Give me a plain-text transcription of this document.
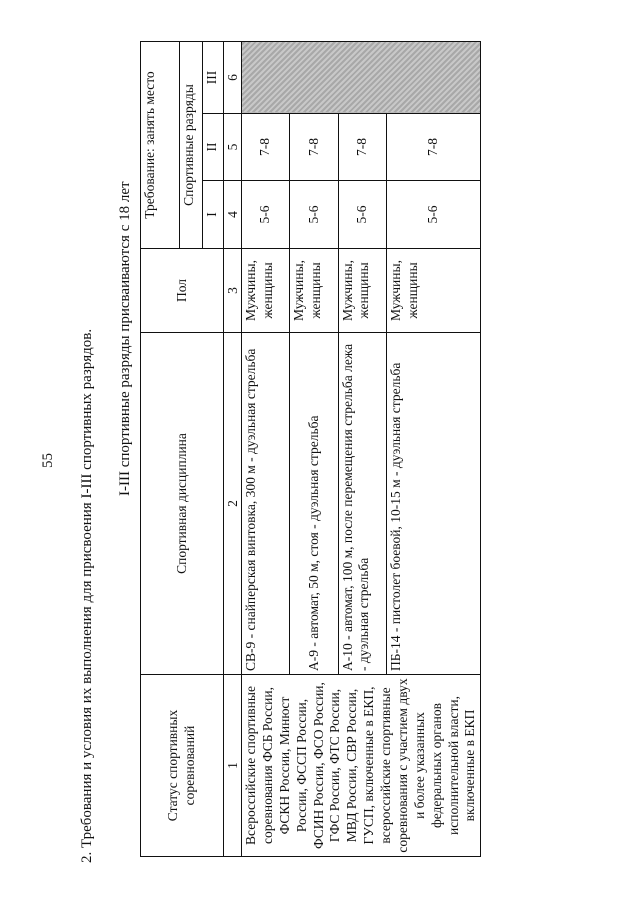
55 2. Требования и условия их выполнения для присвоения I-III спортивных разрядов. I-III спортивные разряды присваиваются с 18 лет
Статус спортивных соревнований	Спортивная дисциплина	Пол	Требование: занять место		
			Спортивные разряды		
			I	II	III
1	2	3	4	5	6
Всероссийские спортивные соревнования ФСБ России, ФСКН России, Минюст России, ФССП России, ФСИН России, ФСО России, ГФС России, ФТС России, МВД России, СВР России, ГУСП, включенные в ЕКП, всероссийские спортивные соревнования с участием двух и более указанных федеральных органов исполнительной власти, включенные в ЕКП	СВ-9 - снайперская винтовка, 300 м - дуэльная стрельба	Мужчины, женщины	5-6	7-8	
	А-9 - автомат, 50 м, стоя - дуэльная стрельба	Мужчины, женщины	5-6	7-8	
	А-10 - автомат, 100 м, после перемещения стрельба лежа - дуэльная стрельба	Мужчины, женщины	5-6	7-8	
	ПБ-14 - пистолет боевой, 10-15 м - дуэльная стрельба	Мужчины, женщины	5-6	7-8	
